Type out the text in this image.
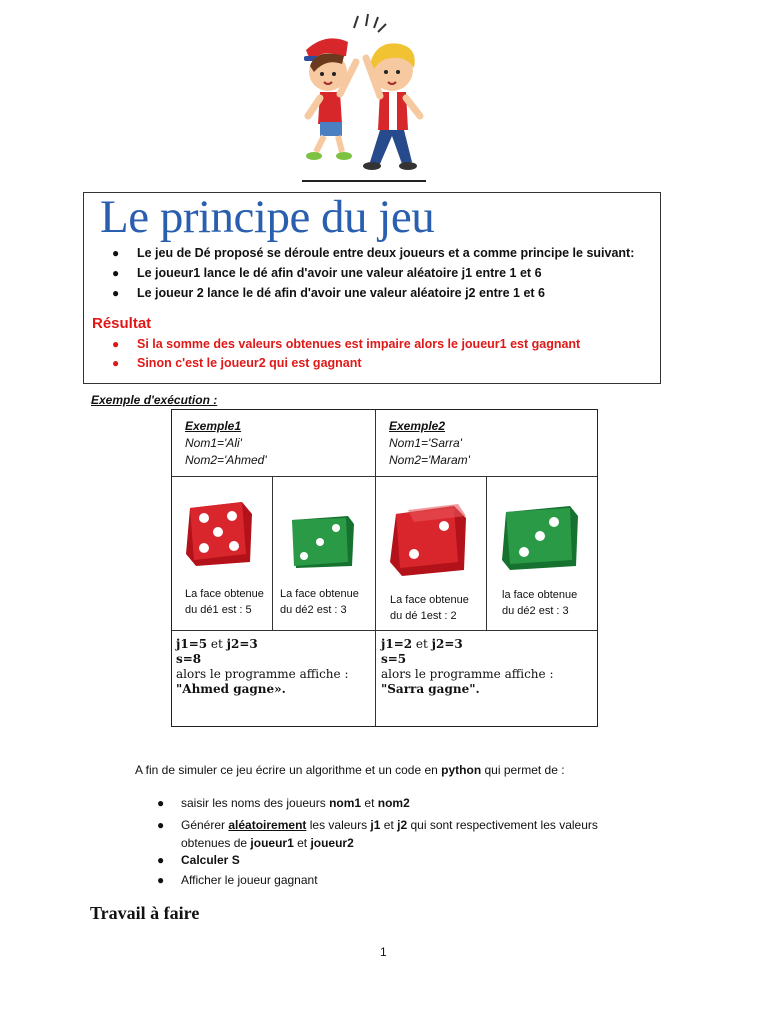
Le principe du jeu
● Le jeu de Dé proposé se déroule entre deux joueurs et a comme principe le suivant:
● Le joueur1 lance le dé afin d'avoir une valeur aléatoire j1 entre 1 et 6
● Le joueur 2 lance le dé afin d'avoir une valeur aléatoire j2 entre 1 et 6
Résultat
● Si la somme des valeurs obtenues est impaire alors le joueur1 est gagnant
● Sinon c'est le joueur2 qui est gagnant
Exemple d'exécution :
Exemple1
Nom1='Ali'
Nom2='Ahmed'
Exemple2
Nom1='Sarra'
Nom2='Maram'
La face obtenue
du dé1 est : 5
La face obtenue
du dé2 est : 3
La face obtenue
du dé 1est : 2
la face obtenue
du dé2 est : 3
j1=5 et j2=3
s=8
alors le programme affiche :
"Ahmed gagne».
j1=2 et j2=3
s=5
alors le programme affiche :
"Sarra gagne".
A fin de simuler ce jeu écrire un algorithme et un code en python qui permet de :
● saisir les noms des joueurs nom1 et nom2
● Générer aléatoirement les valeurs j1 et j2 qui sont respectivement les valeurs
obtenues de joueur1 et joueur2
● Calculer S
● Afficher le joueur gagnant
Travail à faire
1
